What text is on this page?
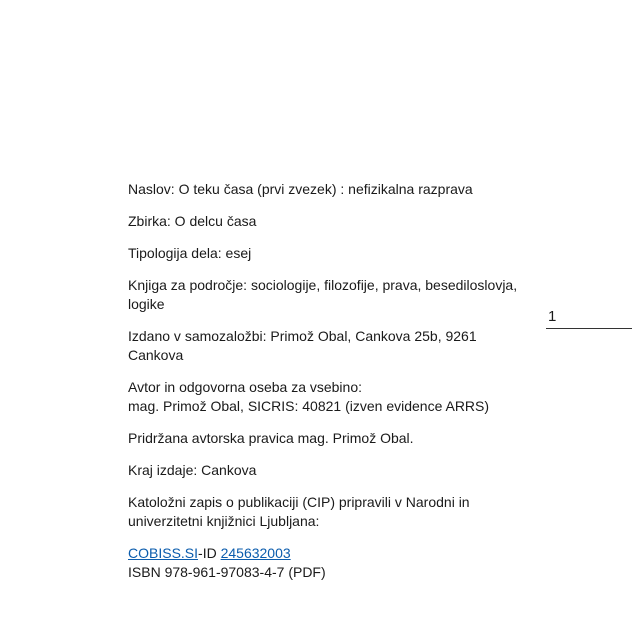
Naslov: O teku časa (prvi zvezek) : nefizikalna razprava

Zbirka: O delcu časa

Tipologija dela: esej

Knjiga za področje: sociologije, filozofije, prava, besediloslovja,
logike

Izdano v samozaložbi: Primož Obal, Cankova 25b, 9261
Cankova

Avtor in odgovorna oseba za vsebino:
mag. Primož Obal, SICRIS: 40821 (izven evidence ARRS)

Pridržana avtorska pravica mag. Primož Obal.

Kraj izdaje: Cankova

Katoložni zapis o publikaciji (CIP) pripravili v Narodni in
univerzitetni knjižnici Ljubljana:

COBISS.SI-ID 245632003
ISBN 978-961-97083-4-7 (PDF)

1
